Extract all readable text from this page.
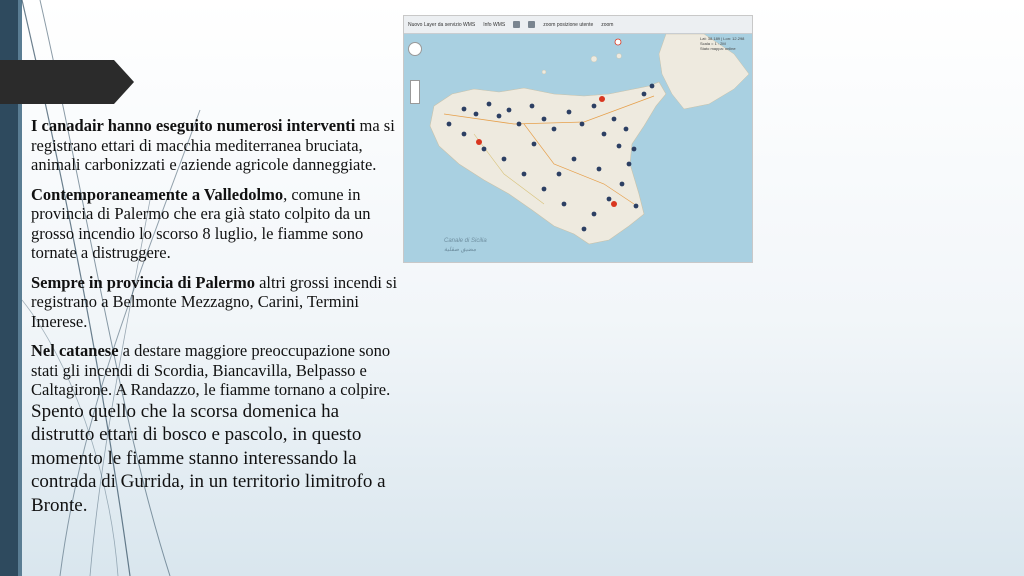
I canadair hanno eseguito numerosi interventi ma si registrano ettari di macchia mediterranea bruciata, animali carbonizzati e aziende agricole danneggiate.

Contemporaneamente a Valledolmo, comune in provincia di Palermo che era già stato colpito da un grosso incendio lo scorso 8 luglio, le fiamme sono tornate a distruggere.

Sempre in provincia di Palermo altri grossi incendi si registrano a Belmonte Mezzagno, Carini, Termini Imerese.

Nel catanese a destare maggiore preoccupazione sono stati gli incendi di Scordia, Biancavilla, Belpasso e Caltagirone. A Randazzo, le fiamme tornano a colpire.

Spento quello che la scorsa domenica ha distrutto ettari di bosco e pascolo, in questo momento le fiamme stanno interessando la contrada di Gurrida, in un territorio limitrofo a Bronte.

Nuovo Layer da servizio WMS Info WMS	zoom posizione utente zoom
Lat: 38.189 | Lon: 12.298
Scala = 1 : 2M
Stato mappa: online
Canale di Sicilia
مضيق صقلية
